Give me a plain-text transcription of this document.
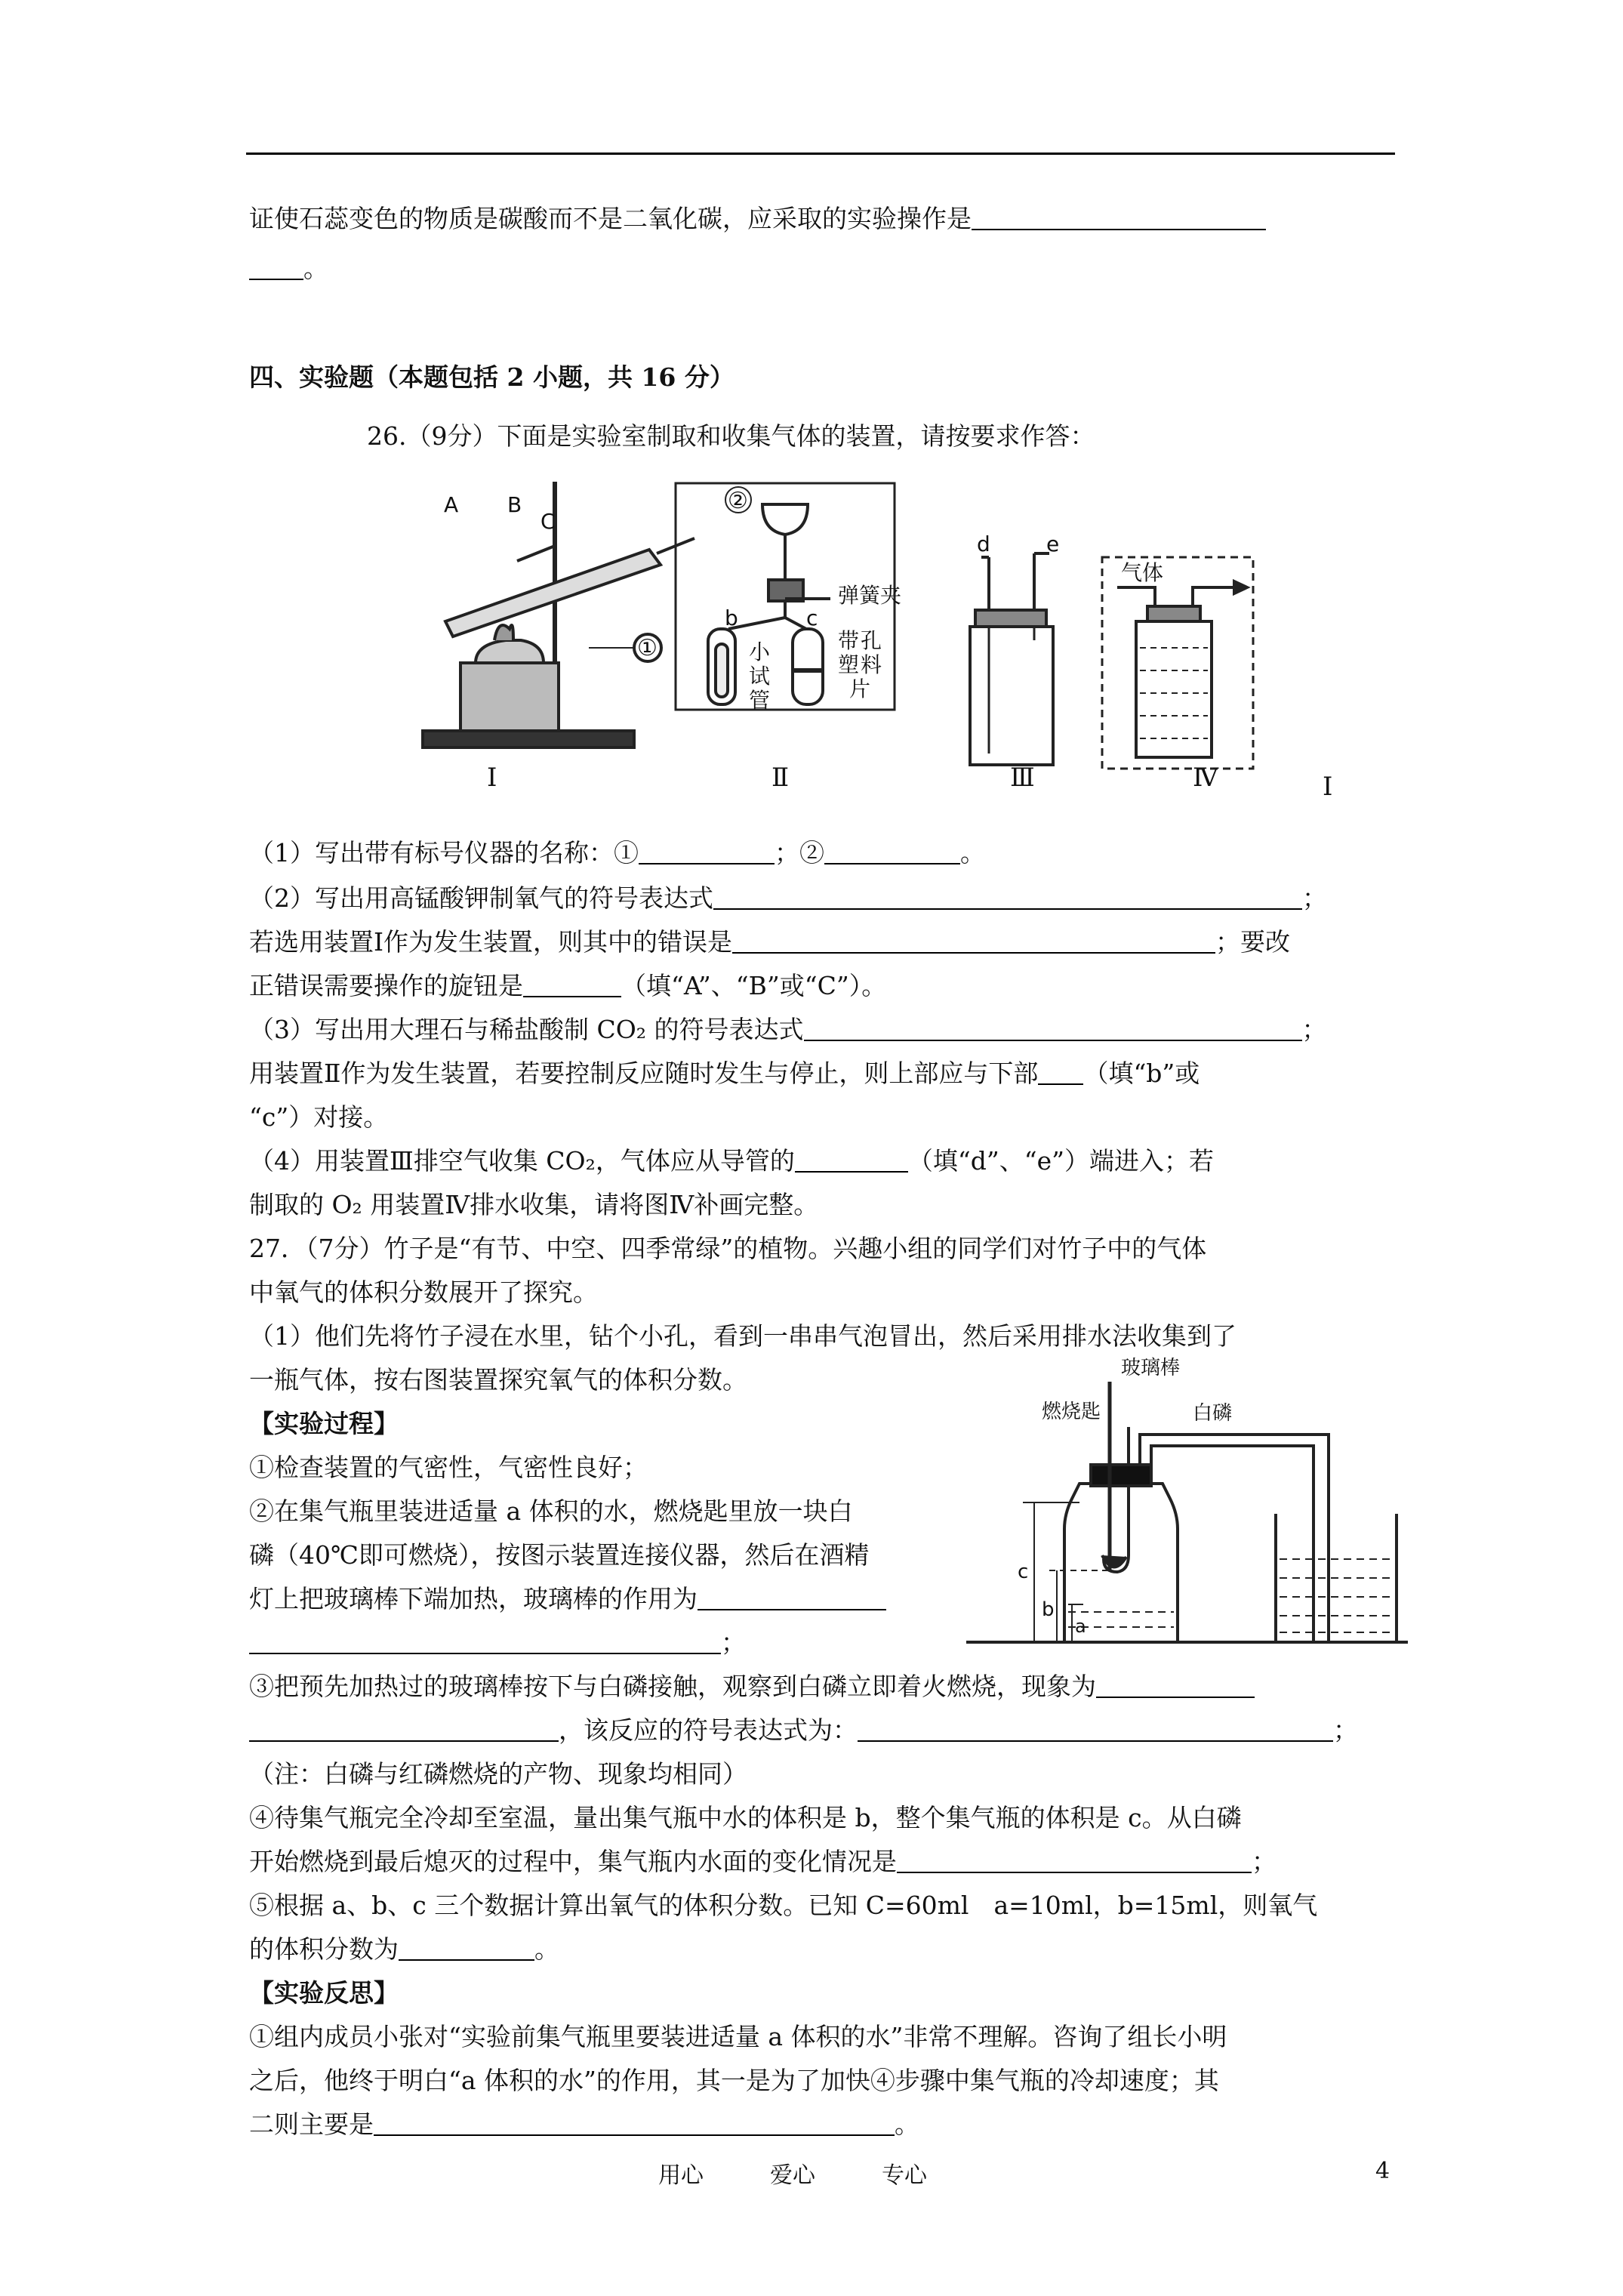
证使石蕊变色的物质是碳酸而不是二氧化碳，应采取的实验操作是
。
四、实验题（本题包括 2 小题，共 16 分）
26.（9分）下面是实验室制取和收集气体的装置，请按要求作答：
A B
C
①
②
弹簧夹
b	c
小
试
管
带 孔
塑 料
片
d	e
气体
Ⅰ	Ⅱ	Ⅲ	Ⅳ	I
（1）写出带有标号仪器的名称：①	；②	。
（2）写出用高锰酸钾制氧气的符号表达式	；
若选用装置Ⅰ作为发生装置，则其中的错误是	；要改
正错误需要操作的旋钮是	（填“A”、“B”或“C”）。
（3）写出用大理石与稀盐酸制 CO₂ 的符号表达式	；
用装置Ⅱ作为发生装置，若要控制反应随时发生与停止，则上部应与下部 （填“b”或
“c”）对接。
（4）用装置Ⅲ排空气收集 CO₂，气体应从导管的	（填“d”、“e”）端进入；若
制取的 O₂ 用装置Ⅳ排水收集，请将图Ⅳ补画完整。
27．（7分）竹子是“有节、中空、四季常绿”的植物。兴趣小组的同学们对竹子中的气体
中氧气的体积分数展开了探究。
（1）他们先将竹子浸在水里，钻个小孔，看到一串串气泡冒出，然后采用排水法收集到了
一瓶气体，按右图装置探究氧气的体积分数。
【实验过程】
①检查装置的气密性，气密性良好；
②在集气瓶里装进适量 a 体积的水，燃烧匙里放一块白
磷（40℃即可燃烧），按图示装置连接仪器，然后在酒精
灯上把玻璃棒下端加热，玻璃棒的作用为
；
玻璃棒
燃烧匙	白磷
c
b
a
③把预先加热过的玻璃棒按下与白磷接触，观察到白磷立即着火燃烧，现象为
，该反应的符号表达式为：	；
（注：白磷与红磷燃烧的产物、现象均相同）
④待集气瓶完全冷却至室温，量出集气瓶中水的体积是 b，整个集气瓶的体积是 c。从白磷
开始燃烧到最后熄灭的过程中，集气瓶内水面的变化情况是	；
⑤根据 a、b、c 三个数据计算出氧气的体积分数。已知 C=60ml　a=10ml，b=15ml，则氧气
的体积分数为	。
【实验反思】
①组内成员小张对“实验前集气瓶里要装进适量 a 体积的水”非常不理解。咨询了组长小明
之后，他终于明白“a 体积的水”的作用，其一是为了加快④步骤中集气瓶的冷却速度；其
二则主要是	。
用心	爱心	专心	4
